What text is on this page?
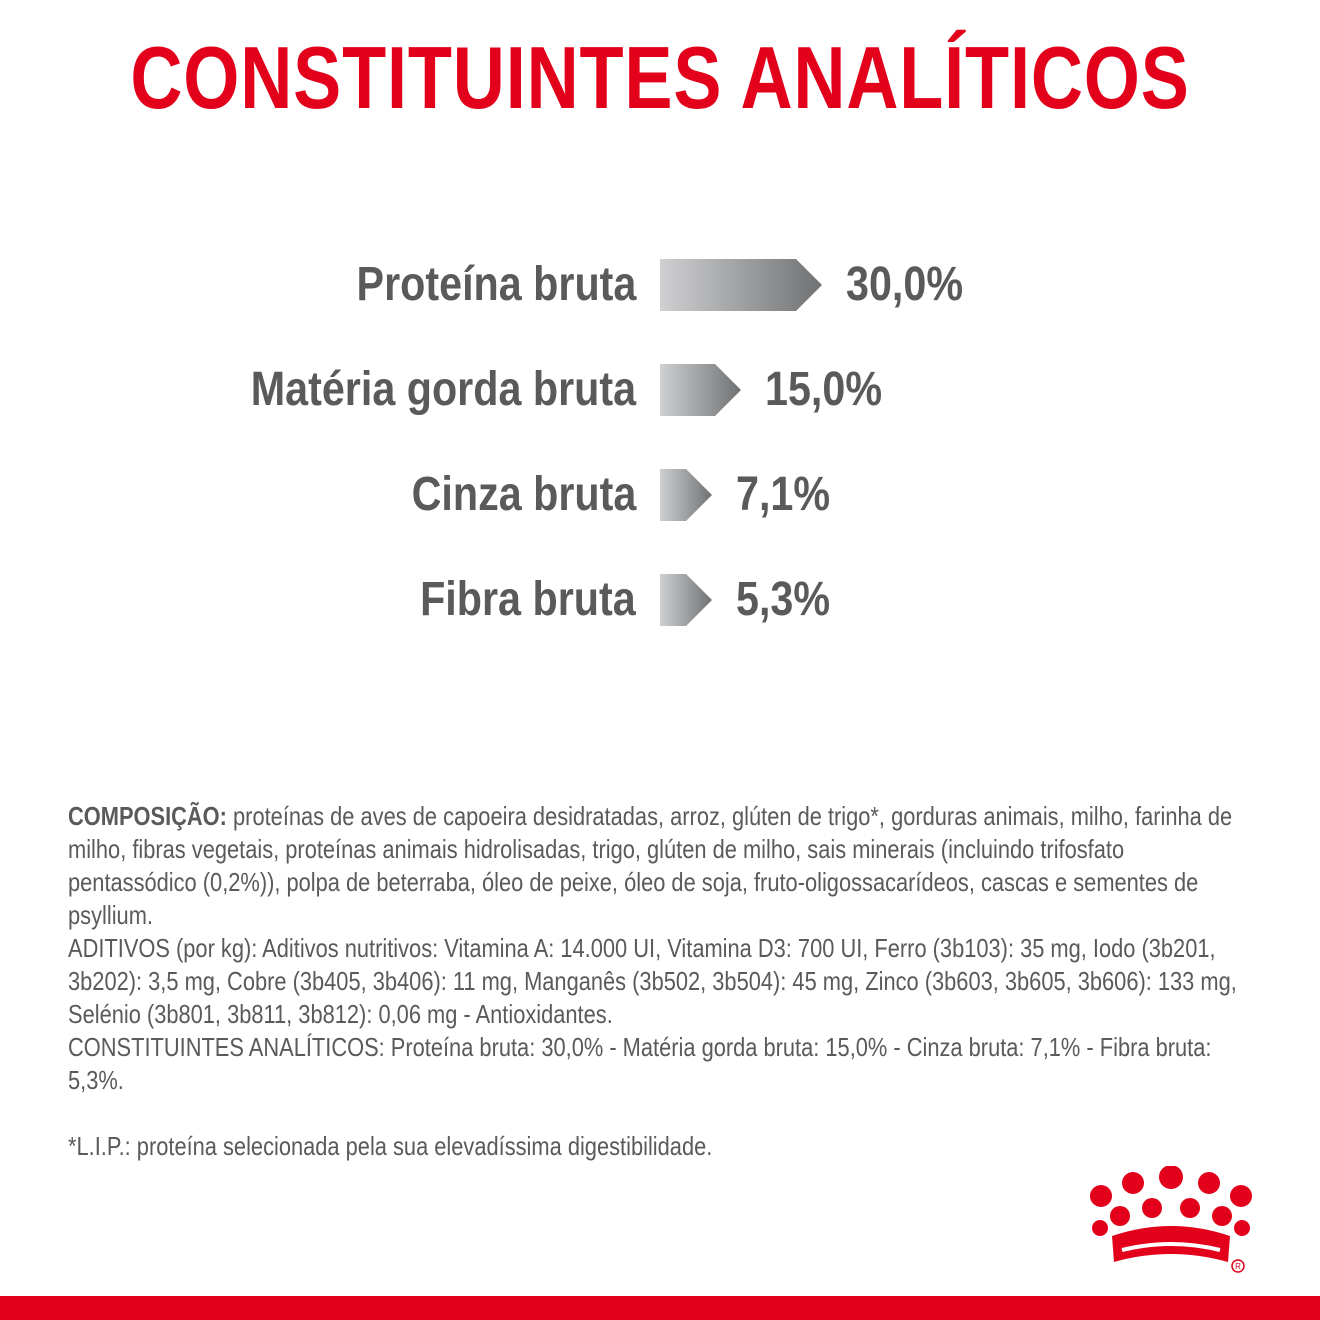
CONSTITUINTES ANALÍTICOS
Proteína bruta	30,0%
Matéria gorda bruta	15,0%
Cinza bruta 7,1%
Fibra bruta 5,3%

COMPOSIÇÃO: proteínas de aves de capoeira desidratadas, arroz, glúten de trigo*, gorduras animais, milho, farinha de milho, fibras vegetais, proteínas animais hidrolisadas, trigo, glúten de milho, sais minerais (incluindo trifosfato pentassódico (0,2%)), polpa de beterraba, óleo de peixe, óleo de soja, fruto-oligossacarídeos, cascas e sementes de psyllium.

ADITIVOS (por kg): Aditivos nutritivos: Vitamina A: 14.000 UI, Vitamina D3: 700 UI, Ferro (3b103): 35 mg, Iodo (3b201, 3b202): 3,5 mg, Cobre (3b405, 3b406): 11 mg, Manganês (3b502, 3b504): 45 mg, Zinco (3b603, 3b605, 3b606): 133 mg, Selénio (3b801, 3b811, 3b812): 0,06 mg - Antioxidantes.

CONSTITUINTES ANALÍTICOS: Proteína bruta: 30,0% - Matéria gorda bruta: 15,0% - Cinza bruta: 7,1% - Fibra bruta: 5,3%.

*L.I.P.: proteína selecionada pela sua elevadíssima digestibilidade.

R
